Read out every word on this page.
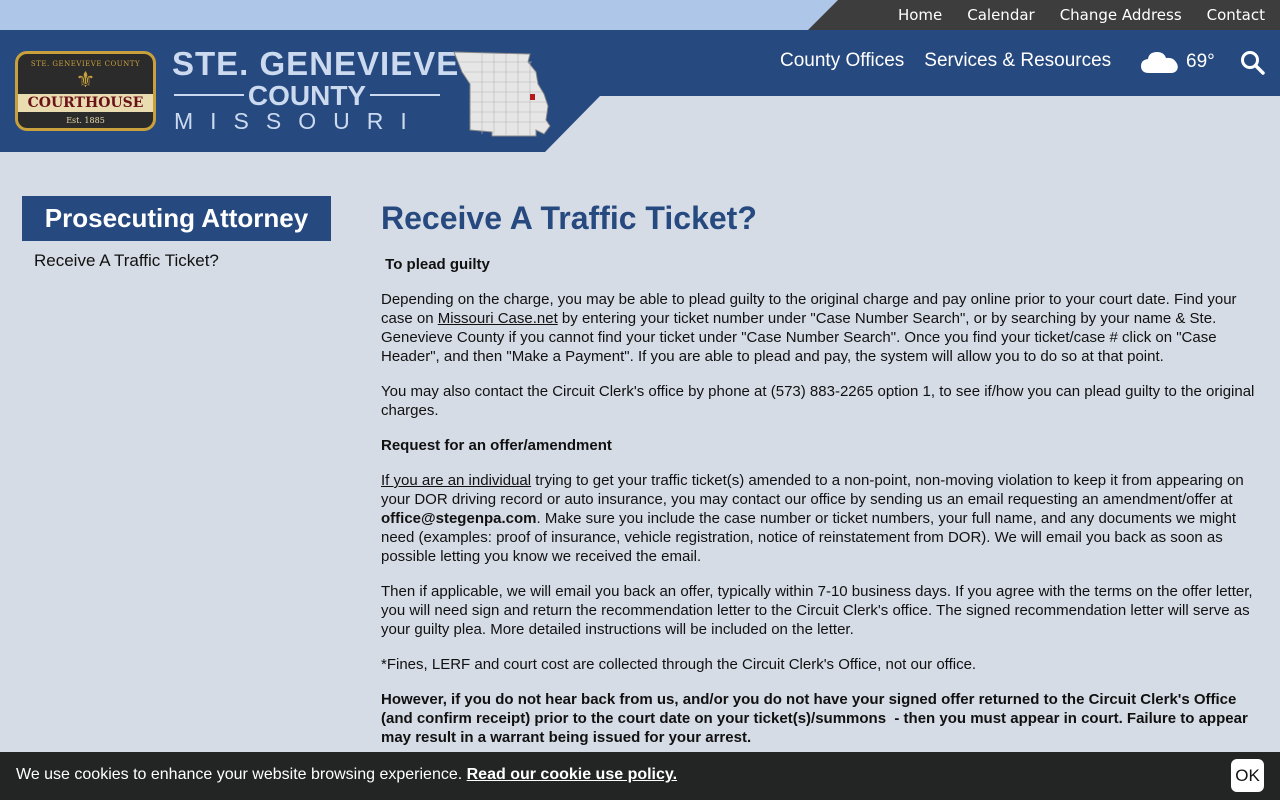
Home Calendar Change Address Contact
STE. GENEVIEVE COUNTY
⚜
COURTHOUSE
Est. 1885
STE. GENEVIEVE
COUNTY
MISSOURI
County Offices Services & Resources	69°
Prosecuting Attorney
Receive A Traffic Ticket?
Receive A Traffic Ticket?

To plead guilty

Depending on the charge, you may be able to plead guilty to the original charge and pay online prior to your court date. Find your case on Missouri Case.net by entering your ticket number under "Case Number Search", or by searching by your name & Ste. Genevieve County if you cannot find your ticket under "Case Number Search". Once you find your ticket/case # click on "Case Header", and then "Make a Payment". If you are able to plead and pay, the system will allow you to do so at that point.

You may also contact the Circuit Clerk's office by phone at (573) 883-2265 option 1, to see if/how you can plead guilty to the original charges.

Request for an offer/amendment

If you are an individual trying to get your traffic ticket(s) amended to a non-point, non-moving violation to keep it from appearing on your DOR driving record or auto insurance, you may contact our office by sending us an email requesting an amendment/offer at office@stegenpa.com. Make sure you include the case number or ticket numbers, your full name, and any documents we might need (examples: proof of insurance, vehicle registration, notice of reinstatement from DOR). We will email you back as soon as possible letting you know we received the email.

Then if applicable, we will email you back an offer, typically within 7-10 business days. If you agree with the terms on the offer letter, you will need sign and return the recommendation letter to the Circuit Clerk's office. The signed recommendation letter will serve as your guilty plea. More detailed instructions will be included on the letter.

*Fines, LERF and court cost are collected through the Circuit Clerk's Office, not our office.

However, if you do not hear back from us, and/or you do not have your signed offer returned to the Circuit Clerk's Office (and confirm receipt) prior to the court date on your ticket(s)/summons  - then you must appear in court. Failure to appear may result in a warrant being issued for your arrest.

We use cookies to enhance your website browsing experience. Read our cookie use policy.	OK
